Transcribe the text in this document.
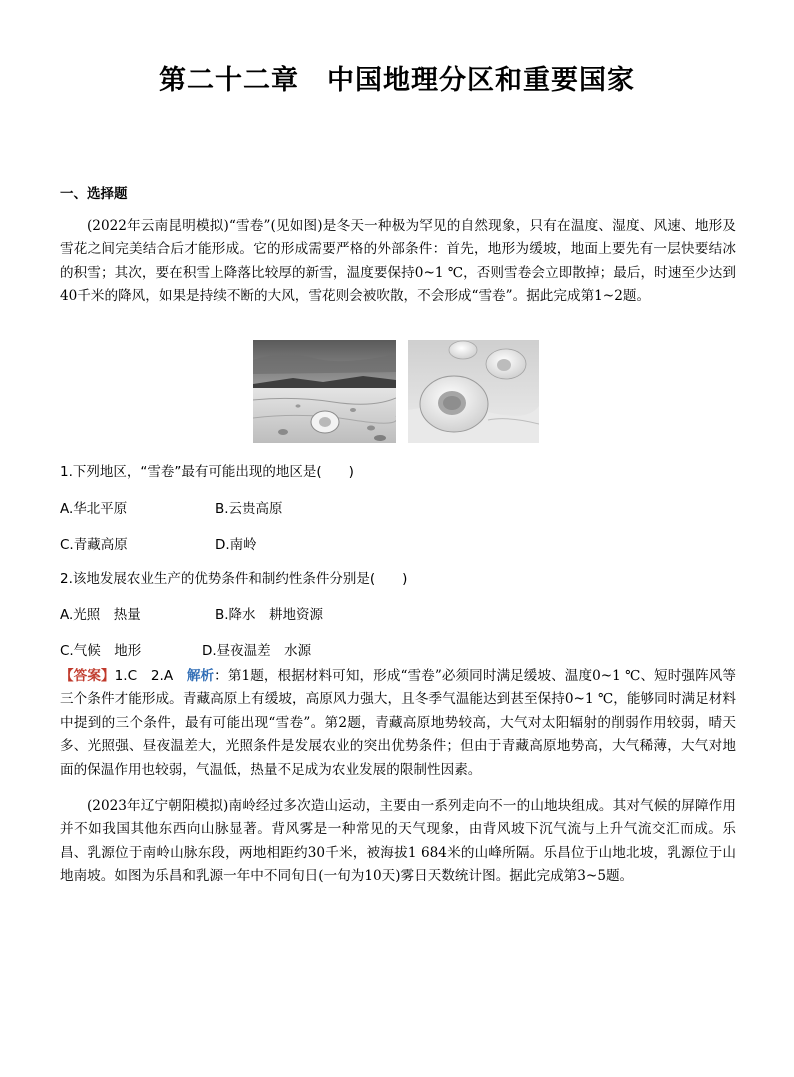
第二十二章　中国地理分区和重要国家
一、选择题
(2022年云南昆明模拟)“雪卷”(见如图)是冬天一种极为罕见的自然现象，只有在温度、湿度、风速、地形及雪花之间完美结合后才能形成。它的形成需要严格的外部条件：首先，地形为缓坡，地面上要先有一层快要结冰的积雪；其次，要在积雪上降落比较厚的新雪，温度要保持0~1 ℃，否则雪卷会立即散掉；最后，时速至少达到40千米的降风，如果是持续不断的大风，雪花则会被吹散，不会形成“雪卷”。据此完成第1~2题。
1.下列地区，“雪卷”最有可能出现的地区是(　　)
A.华北平原	B.云贵高原
C.青藏高原	D.南岭
2.该地发展农业生产的优势条件和制约性条件分别是(　　)
A.光照　热量	B.降水　耕地资源
C.气候　地形	D.昼夜温差　水源
【答案】1.C　2.A　解析：第1题，根据材料可知，形成“雪卷”必须同时满足缓坡、温度0~1 ℃、短时强阵风等三个条件才能形成。青藏高原上有缓坡，高原风力强大，且冬季气温能达到甚至保持0~1 ℃，能够同时满足材料中提到的三个条件，最有可能出现“雪卷”。第2题，青藏高原地势较高，大气对太阳辐射的削弱作用较弱，晴天多、光照强、昼夜温差大，光照条件是发展农业的突出优势条件；但由于青藏高原地势高，大气稀薄，大气对地面的保温作用也较弱，气温低，热量不足成为农业发展的限制性因素。
(2023年辽宁朝阳模拟)南岭经过多次造山运动，主要由一系列走向不一的山地块组成。其对气候的屏障作用并不如我国其他东西向山脉显著。背风雾是一种常见的天气现象，由背风坡下沉气流与上升气流交汇而成。乐昌、乳源位于南岭山脉东段，两地相距约30千米，被海拔1 684米的山峰所隔。乐昌位于山地北坡，乳源位于山地南坡。如图为乐昌和乳源一年中不同旬日(一旬为10天)雾日天数统计图。据此完成第3~5题。
